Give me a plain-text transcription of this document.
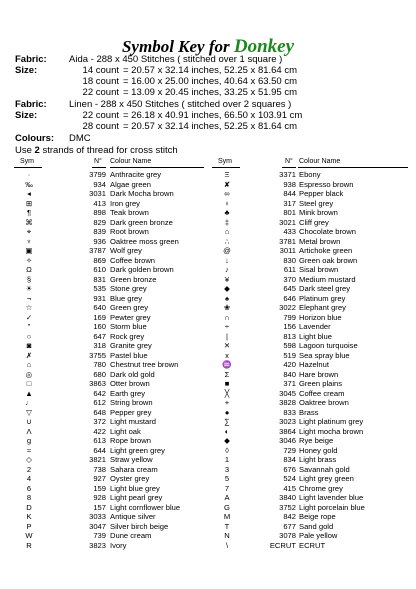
Symbol Key for Donkey
Fabric: Aida - 288 x 450 Stitches ( stitched over 1 square )
Size:	14 count = 20.57 x 32.14 inches, 52.25 x 81.64 cm
18 count = 16.00 x 25.00 inches, 40.64 x 63.50 cm
22 count = 13.09 x 20.45 inches, 33.25 x 51.95 cm
Fabric: Linen - 288 x 450 Stitches ( stitched over 2 squares )
Size:	22 count = 26.18 x 40.91 inches, 66.50 x 103.91 cm
28 count = 20.57 x 32.14 inches, 52.25 x 81.64 cm
Colours: DMC
Use 2 strands of thread for cross stitch
Sym	N° Colour Name
·	3799 Anthracite grey
‰	934 Algae green
◂	3031 Dark Mocha brown
⊞	413 Iron grey
¶	898 Teak brown
⌘	829 Dark green bronze
⌖	839 Root brown
♆	936 Oaktree moss green
▣	3787 Wolf grey
✧	869 Coffee brown
Ω	610 Dark golden brown
§	831 Green bronze
☀	535 Stone grey
¬	931 Blue grey
☆	640 Green grey
✓	169 Pewter grey
"	160 Storm blue
○	647 Rock grey
◙	318 Granite grey
✗	3755 Pastel blue
⌂	780 Chestnut tree brown
◎	680 Dark old gold
□	3863 Otter brown
▲	642 Earth grey
♩	612 String brown
▽	648 Pepper grey
∪	372 Light mustard
Λ	422 Light oak
g	613 Rope brown
≈	644 Light green grey
◇	3821 Straw yellow
2	738 Sahara cream
4	927 Oyster grey
6	159 Light blue grey
8	928 Light pearl grey
D	157 Light cornflower blue
K	3033 Antique silver
P	3047 Silver birch beige
W	739 Dune cream
R	3823 Ivory
Sym	N° Colour Name
Ξ	3371 Ebony
✘	938 Espresso brown
∞	844 Pepper black
♀	317 Steel grey
♣	801 Mink brown
‡	3021 Cliff grey
⌂	433 Chocolate brown
∴	3781 Metal brown
@	3011 Artichoke green
↓	830 Green oak brown
♪	611 Sisal brown
¥	370 Medium mustard
◆	645 Dark steel grey
♠	646 Platinum grey
❀	3022 Elephant grey
∩	799 Horizon blue
÷	156 Lavender
|	813 Light blue
✕	598 Lagoon turquoise
x	519 Sea spray blue
♒	420 Hazelnut
Σ	840 Hare brown
■	371 Green plains
╳	3045 Coffee cream
+	3828 Oaktree brown
●	833 Brass
∑	3023 Light platinum grey
◐	3864 Light mocha brown
◆	3046 Rye beige
◊	729 Honey gold
1	834 Light brass
3	676 Savannah gold
5	524 Light grey green
7	415 Chrome grey
A	3840 Light lavender blue
G	3752 Light porcelain blue
M	842 Beige rope
T	677 Sand gold
N	3078 Pale yellow
\	ECRUT ECRUT
